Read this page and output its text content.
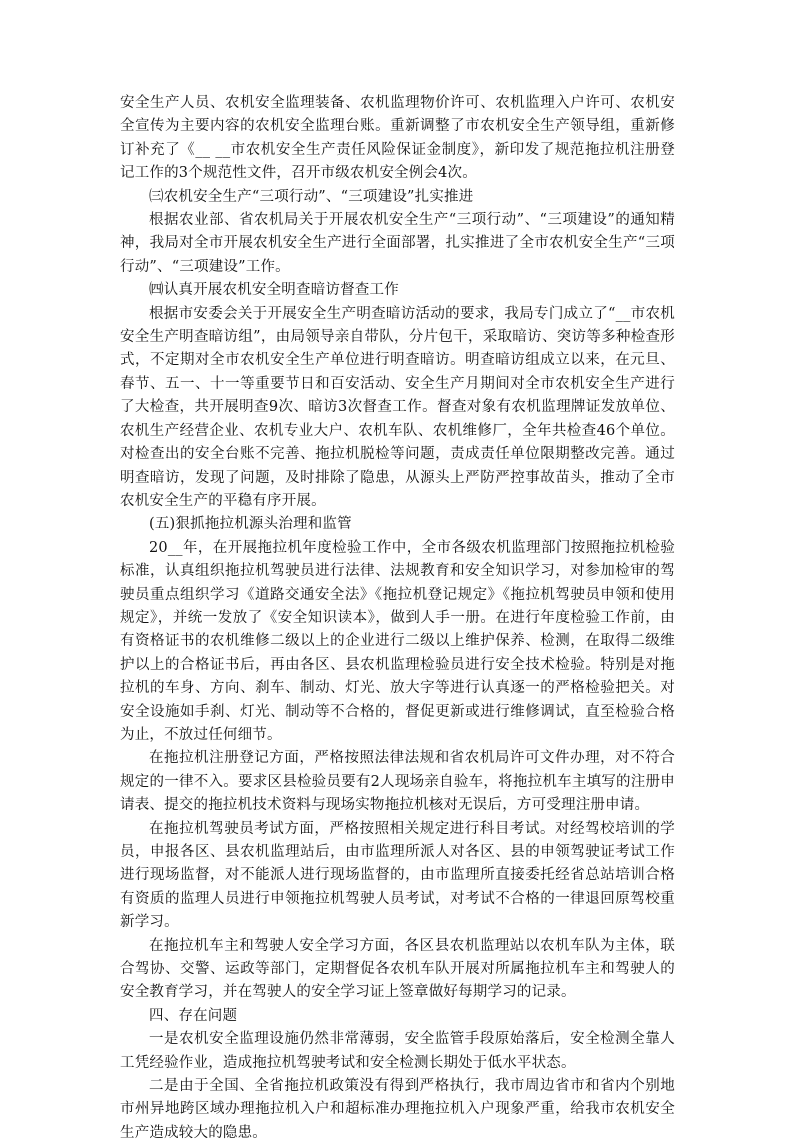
安全生产人员、农机安全监理装备、农机监理物价许可、农机监理入户许可、农机安全宣传为主要内容的农机安全监理台账。重新调整了市农机安全生产领导组，重新修订补充了《__ __市农机安全生产责任风险保证金制度》，新印发了规范拖拉机注册登记工作的3个规范性文件，召开市级农机安全例会4次。

㈢农机安全生产“三项行动”、“三项建设”扎实推进

根据农业部、省农机局关于开展农机安全生产“三项行动”、“三项建设”的通知精神，我局对全市开展农机安全生产进行全面部署，扎实推进了全市农机安全生产“三项行动”、“三项建设”工作。

㈣认真开展农机安全明查暗访督查工作

根据市安委会关于开展安全生产明查暗访活动的要求，我局专门成立了“__市农机安全生产明查暗访组”，由局领导亲自带队，分片包干，采取暗访、突访等多种检查形式，不定期对全市农机安全生产单位进行明查暗访。明查暗访组成立以来，在元旦、春节、五一、十一等重要节日和百安活动、安全生产月期间对全市农机安全生产进行了大检查，共开展明查9次、暗访3次督查工作。督查对象有农机监理牌证发放单位、农机生产经营企业、农机专业大户、农机车队、农机维修厂，全年共检查46个单位。对检查出的安全台账不完善、拖拉机脱检等问题，责成责任单位限期整改完善。通过明查暗访，发现了问题，及时排除了隐患，从源头上严防严控事故苗头，推动了全市农机安全生产的平稳有序开展。

(五)狠抓拖拉机源头治理和监管

20__年，在开展拖拉机年度检验工作中，全市各级农机监理部门按照拖拉机检验标准，认真组织拖拉机驾驶员进行法律、法规教育和安全知识学习，对参加检审的驾驶员重点组织学习《道路交通安全法》《拖拉机登记规定》《拖拉机驾驶员申领和使用规定》，并统一发放了《安全知识读本》，做到人手一册。在进行年度检验工作前，由有资格证书的农机维修二级以上的企业进行二级以上维护保养、检测，在取得二级维护以上的合格证书后，再由各区、县农机监理检验员进行安全技术检验。特别是对拖拉机的车身、方向、刹车、制动、灯光、放大字等进行认真逐一的严格检验把关。对安全设施如手刹、灯光、制动等不合格的，督促更新或进行维修调试，直至检验合格为止，不放过任何细节。

在拖拉机注册登记方面，严格按照法律法规和省农机局许可文件办理，对不符合规定的一律不入。要求区县检验员要有2人现场亲自验车，将拖拉机车主填写的注册申请表、提交的拖拉机技术资料与现场实物拖拉机核对无误后，方可受理注册申请。

在拖拉机驾驶员考试方面，严格按照相关规定进行科目考试。对经驾校培训的学员，申报各区、县农机监理站后，由市监理所派人对各区、县的申领驾驶证考试工作进行现场监督，对不能派人进行现场监督的，由市监理所直接委托经省总站培训合格有资质的监理人员进行申领拖拉机驾驶人员考试，对考试不合格的一律退回原驾校重新学习。

在拖拉机车主和驾驶人安全学习方面，各区县农机监理站以农机车队为主体，联合驾协、交警、运政等部门，定期督促各农机车队开展对所属拖拉机车主和驾驶人的安全教育学习，并在驾驶人的安全学习证上签章做好每期学习的记录。

四、存在问题

一是农机安全监理设施仍然非常薄弱，安全监管手段原始落后，安全检测全靠人工凭经验作业，造成拖拉机驾驶考试和安全检测长期处于低水平状态。

二是由于全国、全省拖拉机政策没有得到严格执行，我市周边省市和省内个别地市州异地跨区域办理拖拉机入户和超标准办理拖拉机入户现象严重，给我市农机安全生产造成较大的隐患。
